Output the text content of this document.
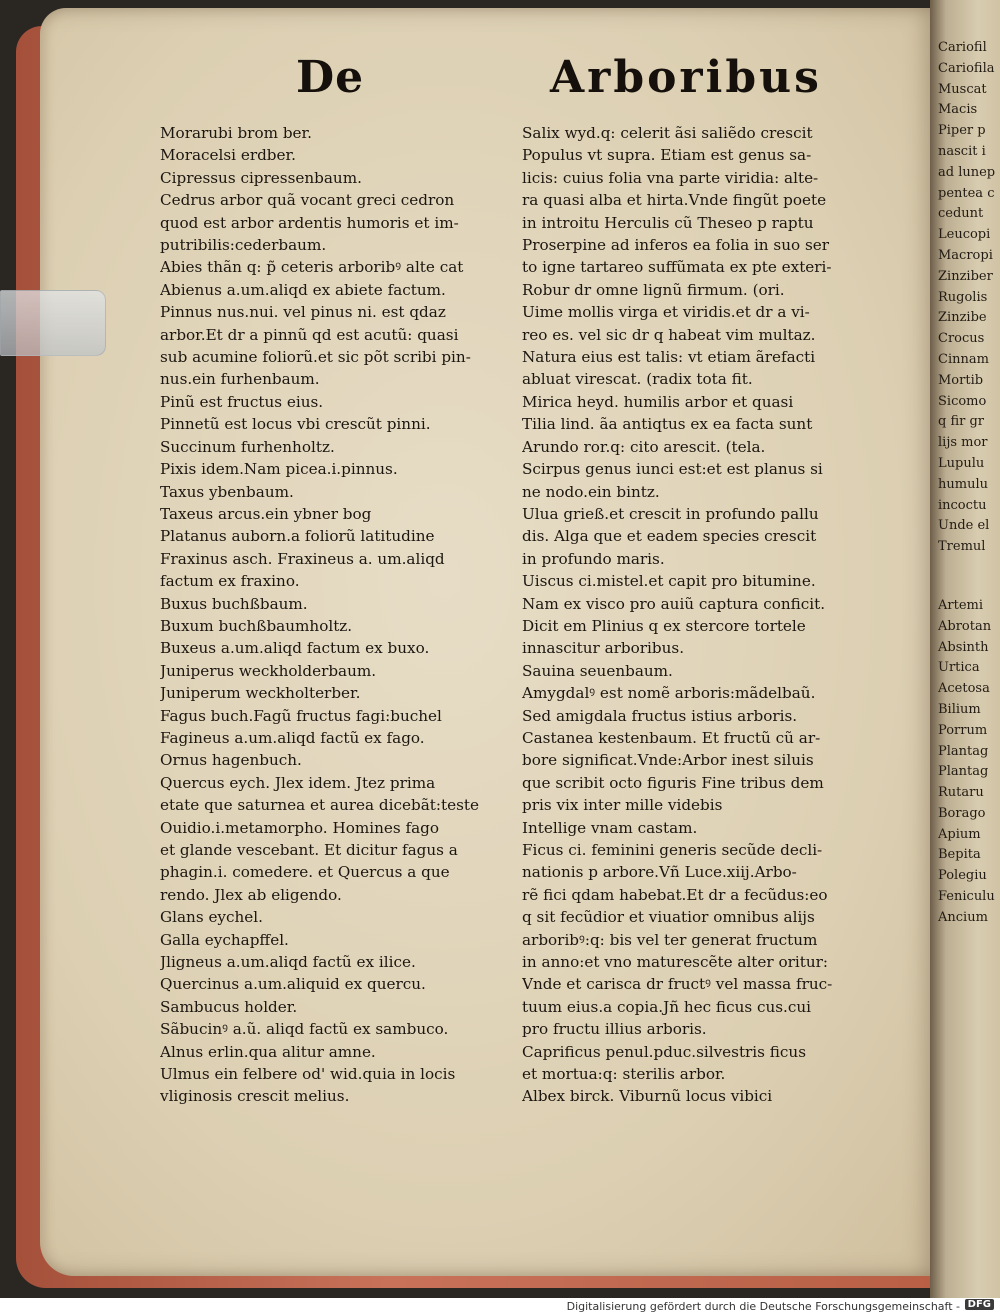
De	Arboribus
Morarubi brom ber.
Moracelsi erdber.
Cipressus cipressenbaum.
Cedrus arbor quã vocant greci cedron
quod est arbor ardentis humoris et im-
putribilis:cederbaum.
Abies thãn q: p̃ ceteris arboribꝰ alte cat
Abienus a.um.aliqd ex abiete factum.
Pinnus nus.nui. vel pinus ni. est qdaz
arbor.Et dr a pinnũ qd est acutũ: quasi
sub acumine foliorũ.et sic põt scribi pin-
nus.ein furhenbaum.
Pinũ est fructus eius.
Pinnetũ est locus vbi crescũt pinni.
Succinum furhenholtz.
Pixis idem.Nam picea.i.pinnus.
Taxus ybenbaum.
Taxeus arcus.ein ybner bog
Platanus auborn.a foliorũ latitudine
Fraxinus asch. Fraxineus a. um.aliqd
factum ex fraxino.
Buxus buchßbaum.
Buxum buchßbaumholtz.
Buxeus a.um.aliqd factum ex buxo.
Juniperus weckholderbaum.
Juniperum weckholterber.
Fagus buch.Fagũ fructus fagi:buchel
Fagineus a.um.aliqd factũ ex fago.
Ornus hagenbuch.
Quercus eych. Jlex idem. Jtez prima
etate que saturnea et aurea dicebãt:teste
Ouidio.i.metamorpho. Homines fago
et glande vescebant. Et dicitur fagus a
phagin.i. comedere. et Quercus a que
rendo. Jlex ab eligendo.
Glans eychel.
Galla eychapffel.
Jligneus a.um.aliqd factũ ex ilice.
Quercinus a.um.aliquid ex quercu.
Sambucus holder.
Sãbucinꝰ a.ũ. aliqd factũ ex sambuco.
Alnus erlin.qua alitur amne.
Ulmus ein felbere od' wid.quia in locis
vliginosis crescit melius.
Salix wyd.q: celerit ãsi saliẽdo crescit
Populus vt supra. Etiam est genus sa-
licis: cuius folia vna parte viridia: alte-
ra quasi alba et hirta.Vnde fingũt poete
in introitu Herculis cũ Theseo p raptu
Proserpine ad inferos ea folia in suo ser
to igne tartareo suffũmata ex pte exteri-
Robur dr omne lignũ firmum. (ori.
Uime mollis virga et viridis.et dr a vi-
reo es. vel sic dr q habeat vim multaz.
Natura eius est talis: vt etiam ãrefacti
abluat virescat. (radix tota fit.
Mirica heyd. humilis arbor et quasi
Tilia lind. ãa antiqtus ex ea facta sunt
Arundo ror.q: cito arescit. (tela.
Scirpus genus iunci est:et est planus si
ne nodo.ein bintz.
Ulua grieß.et crescit in profundo pallu
dis. Alga que et eadem species crescit
in profundo maris.
Uiscus ci.mistel.et capit pro bitumine.
Nam ex visco pro auiũ captura conficit.
Dicit em Plinius q ex stercore tortele
innascitur arboribus.
Sauina seuenbaum.
Amygdalꝰ est nomẽ arboris:mãdelbaũ.
Sed amigdala fructus istius arboris.
Castanea kestenbaum. Et fructũ cũ ar-
bore significat.Vnde:Arbor inest siluis
que scribit octo figuris Fine tribus dem
pris vix inter mille videbis
Intellige vnam castam.
Ficus ci. feminini generis secũde decli-
nationis p arbore.Vñ Luce.xiij.Arbo-
rẽ fici qdam habebat.Et dr a fecũdus:eo
q sit fecũdior et viuatior omnibus alijs
arboribꝰ:q: bis vel ter generat fructum
in anno:et vno maturescẽte alter oritur:
Vnde et carisca dr fructꝰ vel massa fruc-
tuum eius.a copia.Jñ hec ficus cus.cui
pro fructu illius arboris.
Caprificus penul.pduc.silvestris ficus
et mortua:q: sterilis arbor.
Albex birck. Viburnũ locus vibici
Cariofil
Cariofila
Muscat
Macis
Piper p
nascit i
ad lunep
pentea c
cedunt
Leucopi
Macropi
Zinziber
Rugolis
Zinzibe
Crocus
Cinnam
Mortib
Sicomo
q fir gr
lijs mor
Lupulu
humulu
incoctu
Unde el
Tremul
Artemi
Abrotan
Absinth
Urtica
Acetosa
Bilium
Porrum
Plantag
Plantag
Rutaru
Borago
Apium
Bepita
Polegiu
Feniculu
Ancium
Digitalisierung gefördert durch die Deutsche Forschungsgemeinschaft - DFG
